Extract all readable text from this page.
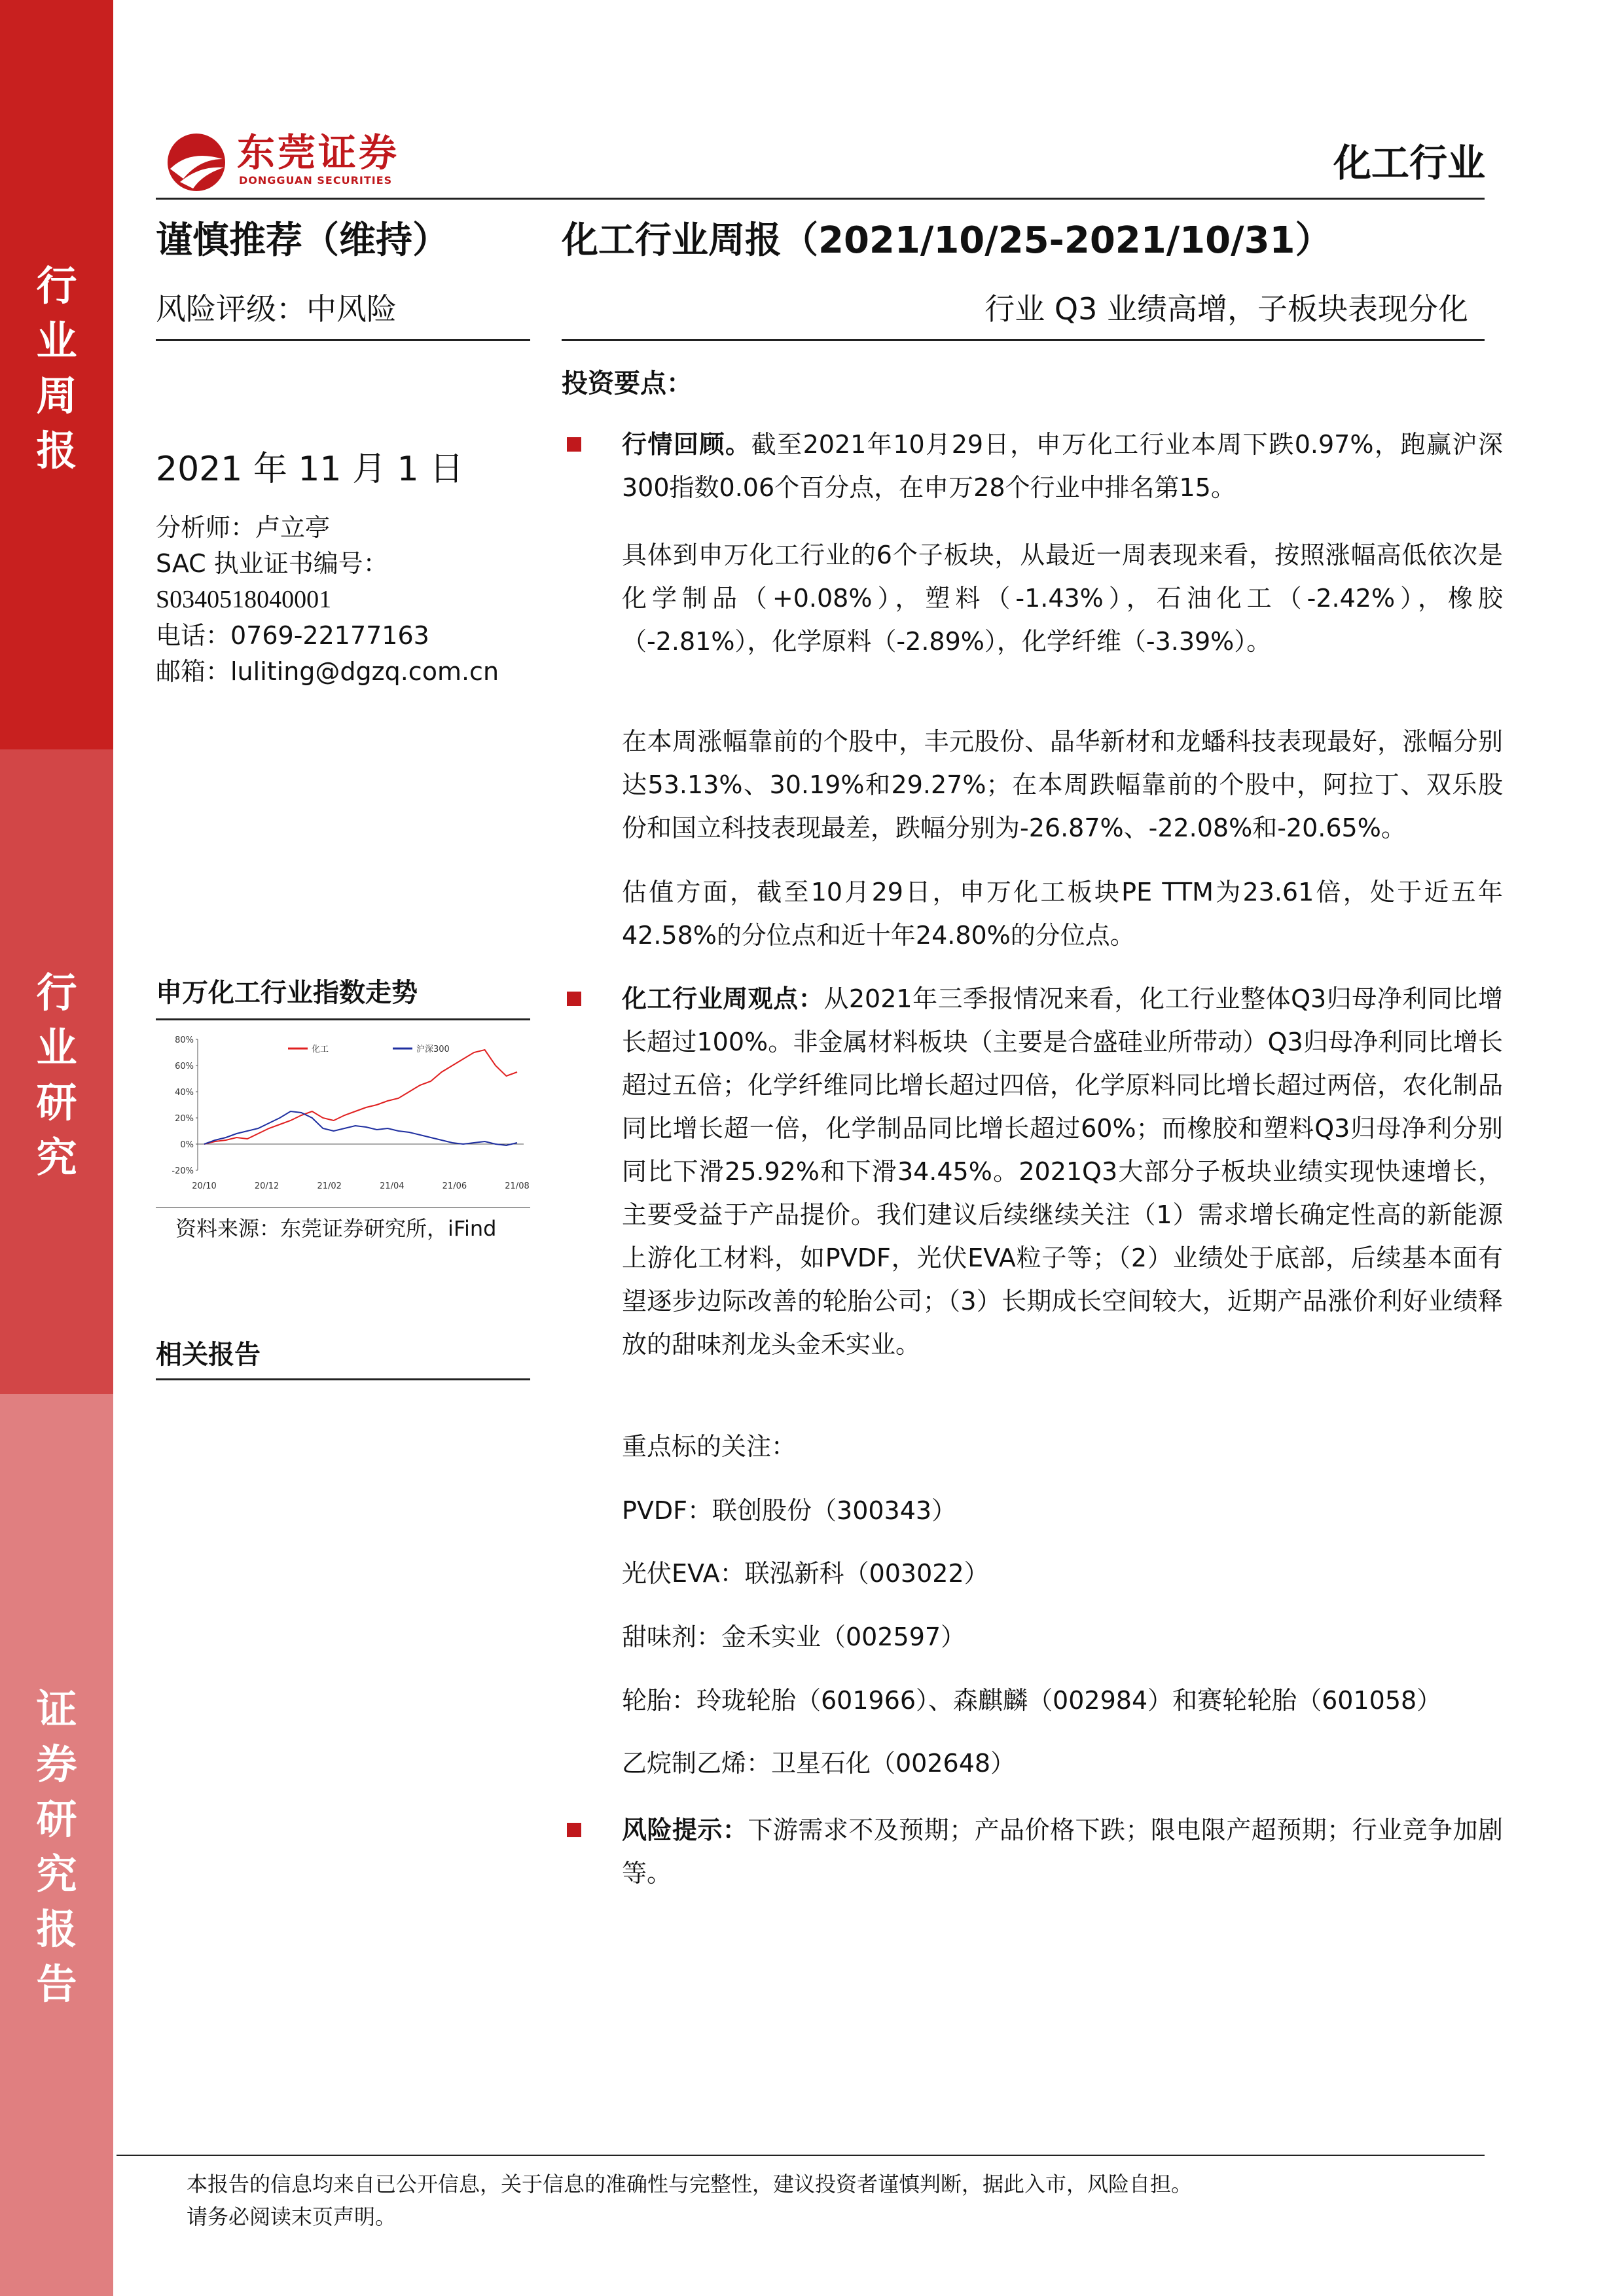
行业周报
行业研究
证券研究报告
东莞证券
DONGGUAN SECURITIES	化工行业
谨慎推荐（维持）
风险评级：中风险
化工行业周报（2021/10/25-2021/10/31）
行业 Q3 业绩高增，子板块表现分化
2021 年 11 月 1 日
分析师：卢立亭
SAC 执业证书编号：
S0340518040001
电话：0769-22177163
邮箱：luliting@dgzq.com.cn
申万化工行业指数走势
80%
60%
40%
20%
0%
-20%
20/10	20/12	21/02	21/04	21/06	21/08
化工	沪深300
资料来源：东莞证券研究所，iFind
相关报告
投资要点：
行情回顾。截至2021年10月29日，申万化工行业本周下跌0.97%，跑赢沪深300指数0.06个百分点，在申万28个行业中排名第15。
具体到申万化工行业的6个子板块，从最近一周表现来看，按照涨幅高低依次是化学制品（+0.08%），塑料（-1.43%），石油化工（-2.42%），橡胶（-2.81%），化学原料（-2.89%），化学纤维（-3.39%）。
在本周涨幅靠前的个股中，丰元股份、晶华新材和龙蟠科技表现最好，涨幅分别达53.13%、30.19%和29.27%；在本周跌幅靠前的个股中，阿拉丁、双乐股份和国立科技表现最差，跌幅分别为-26.87%、-22.08%和-20.65%。
估值方面，截至10月29日，申万化工板块PE TTM为23.61倍，处于近五年42.58%的分位点和近十年24.80%的分位点。
化工行业周观点：从2021年三季报情况来看，化工行业整体Q3归母净利同比增长超过100%。非金属材料板块（主要是合盛硅业所带动）Q3归母净利同比增长超过五倍；化学纤维同比增长超过四倍，化学原料同比增长超过两倍，农化制品同比增长超一倍，化学制品同比增长超过60%；而橡胶和塑料Q3归母净利分别同比下滑25.92%和下滑34.45%。2021Q3大部分子板块业绩实现快速增长，主要受益于产品提价。我们建议后续继续关注（1）需求增长确定性高的新能源上游化工材料，如PVDF，光伏EVA粒子等；（2）业绩处于底部，后续基本面有望逐步边际改善的轮胎公司；（3）长期成长空间较大，近期产品涨价利好业绩释放的甜味剂龙头金禾实业。
重点标的关注：
PVDF：联创股份（300343）
光伏EVA：联泓新科（003022）
甜味剂：金禾实业（002597）
轮胎：玲珑轮胎（601966）、森麒麟（002984）和赛轮轮胎（601058）
乙烷制乙烯：卫星石化（002648）
风险提示：下游需求不及预期；产品价格下跌；限电限产超预期；行业竞争加剧等。
本报告的信息均来自已公开信息，关于信息的准确性与完整性，建议投资者谨慎判断，据此入市，风险自担。
请务必阅读末页声明。
